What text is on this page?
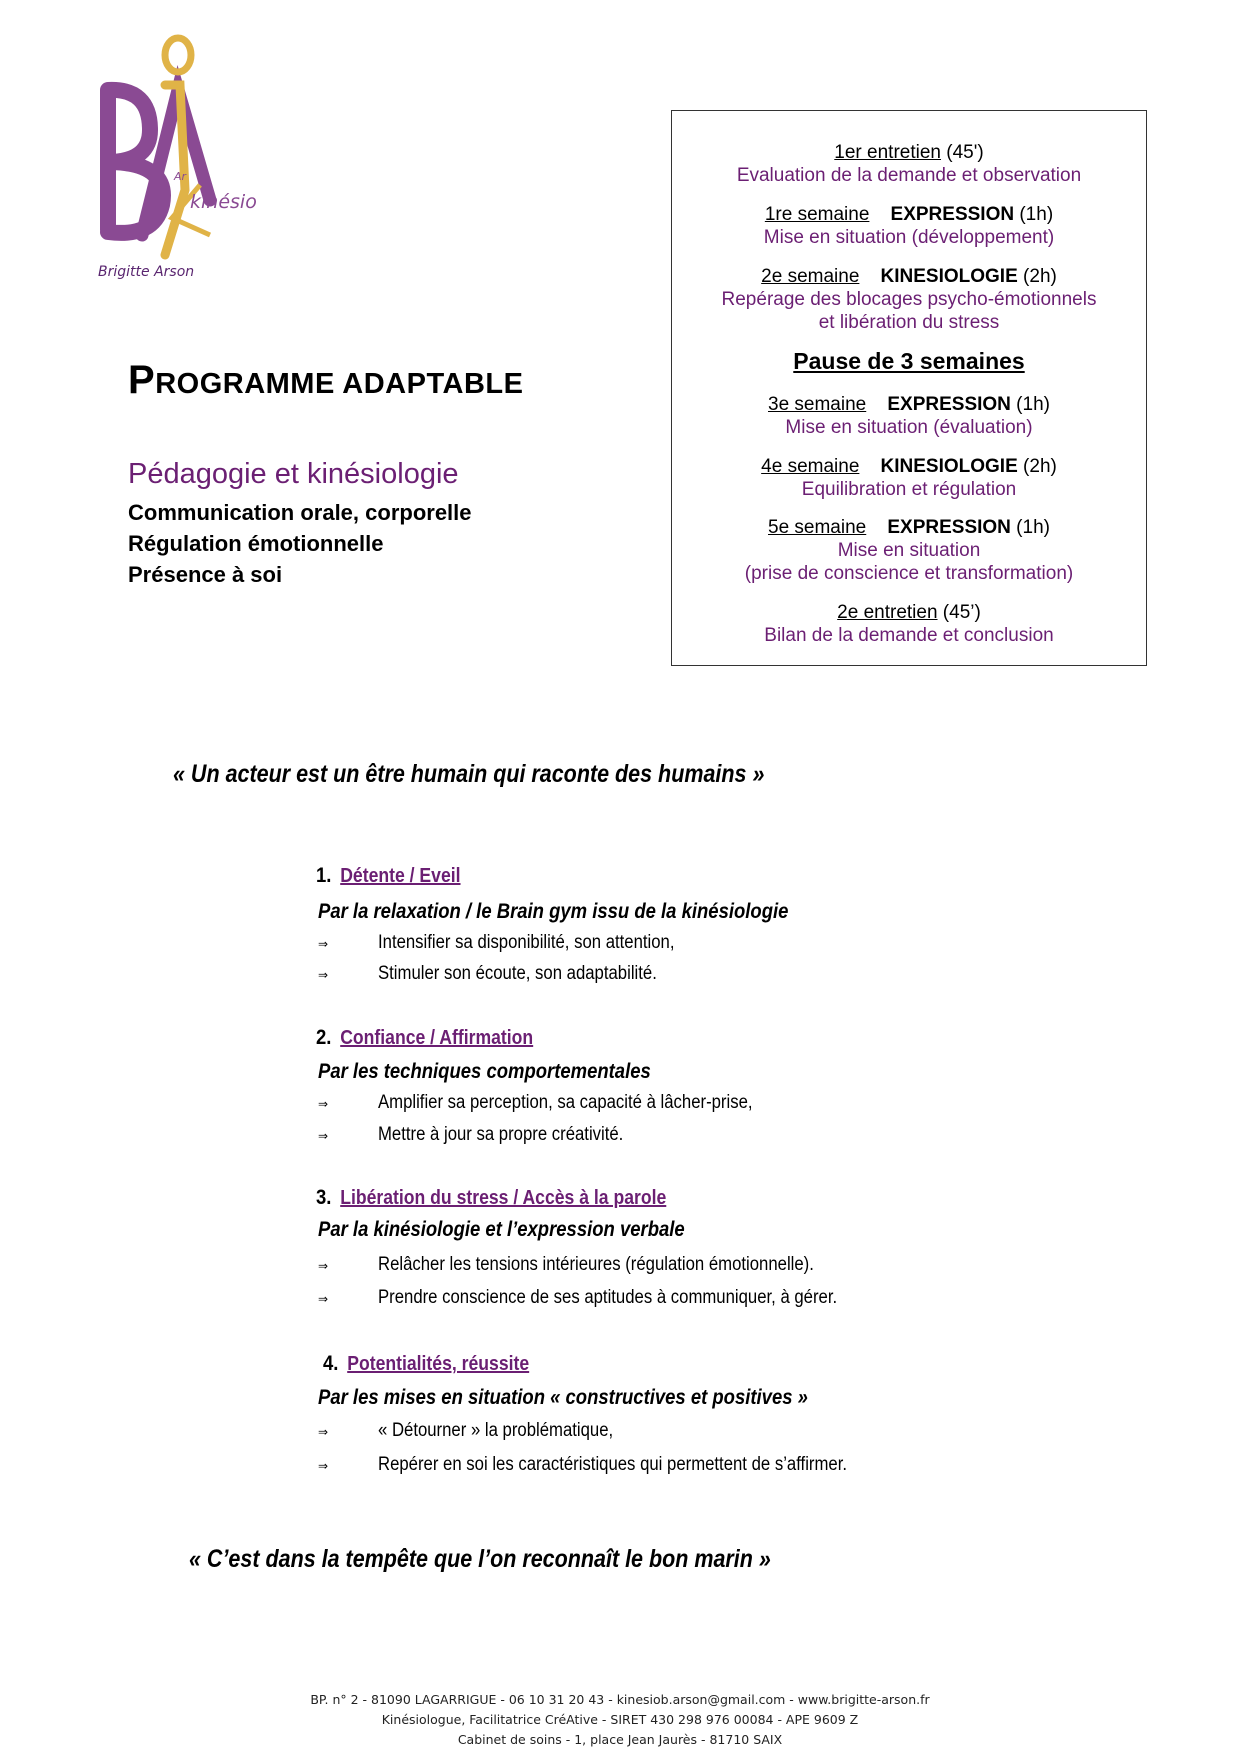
Ar
kinésio
Brigitte Arson
PROGRAMME ADAPTABLE
Pédagogie et kinésiologie
Communication orale, corporelle
Régulation émotionnelle
Présence à soi
1er entretien (45')
Evaluation de la demande et observation
1re semaine EXPRESSION (1h)
Mise en situation (développement)
2e semaine KINESIOLOGIE (2h)
Repérage des blocages psycho-émotionnels
et libération du stress
Pause de 3 semaines
3e semaine EXPRESSION (1h)
Mise en situation (évaluation)
4e semaine KINESIOLOGIE (2h)
Equilibration et régulation
5e semaine EXPRESSION (1h)
Mise en situation
(prise de conscience et transformation)
2e entretien (45’)
Bilan de la demande et conclusion
« Un acteur est un être humain qui raconte des humains »
1. Détente / Eveil
Par la relaxation / le Brain gym issu de la kinésiologie
⇒	Intensifier sa disponibilité, son attention,
⇒	Stimuler son écoute, son adaptabilité.
2. Confiance / Affirmation
Par les techniques comportementales
⇒	Amplifier sa perception, sa capacité à lâcher-prise,
⇒	Mettre à jour sa propre créativité.
3. Libération du stress / Accès à la parole
Par la kinésiologie et l’expression verbale
⇒	Relâcher les tensions intérieures (régulation émotionnelle).
⇒	Prendre conscience de ses aptitudes à communiquer, à gérer.
4. Potentialités, réussite
Par les mises en situation « constructives et positives »
⇒	« Détourner » la problématique,
⇒	Repérer en soi les caractéristiques qui permettent de s’affirmer.
« C’est dans la tempête que l’on reconnaît le bon marin »
BP. n° 2 - 81090 LAGARRIGUE - 06 10 31 20 43 - kinesiob.arson@gmail.com - www.brigitte-arson.fr
Kinésiologue, Facilitatrice CréAtive - SIRET 430 298 976 00084 - APE 9609 Z
Cabinet de soins - 1, place Jean Jaurès - 81710 SAIX
